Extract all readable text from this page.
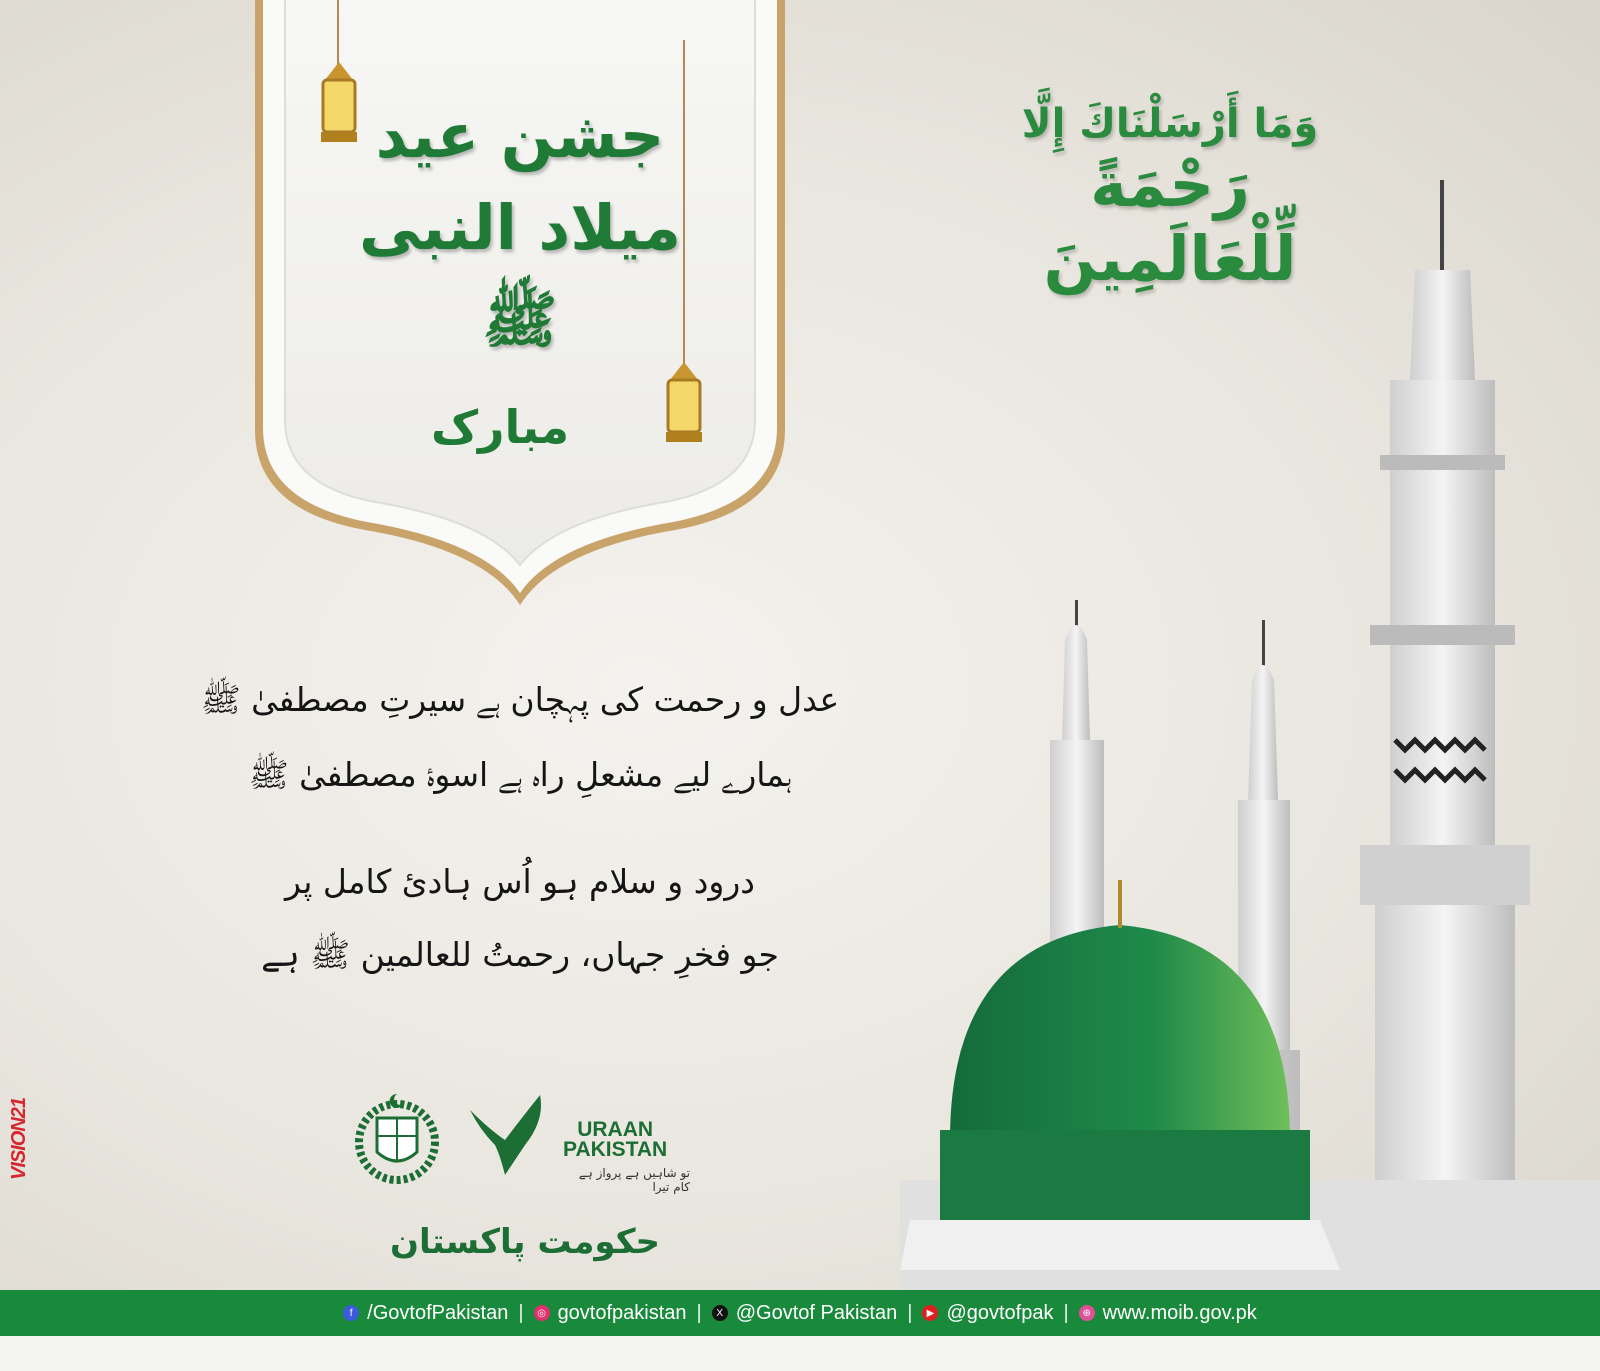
جشن عید
میلاد النبی ﷺ
مبارک
وَمَا أَرْسَلْنَاكَ إِلَّا
رَحْمَةً لِّلْعَالَمِينَ
عدل و رحمت کی پہچان ہے سیرتِ مصطفیٰ ﷺ
ہمارے لیے مشعلِ راہ ہے اسوۂ مصطفیٰ ﷺ
درود و سلام ہو اُس ہادیٔ کامل پر
جو فخرِ جہاں، رحمتُ للعالمین ﷺ ہے
VISION21	URAAN
PAKISTAN
تو شاہیں ہے پرواز ہے کام تیرا
حکومت پاکستان
f /GovtofPakistan |	◎ govtofpakistan |	X @Govtof Pakistan |	▶ @govtofpak |	⊕ www.moib.gov.pk
